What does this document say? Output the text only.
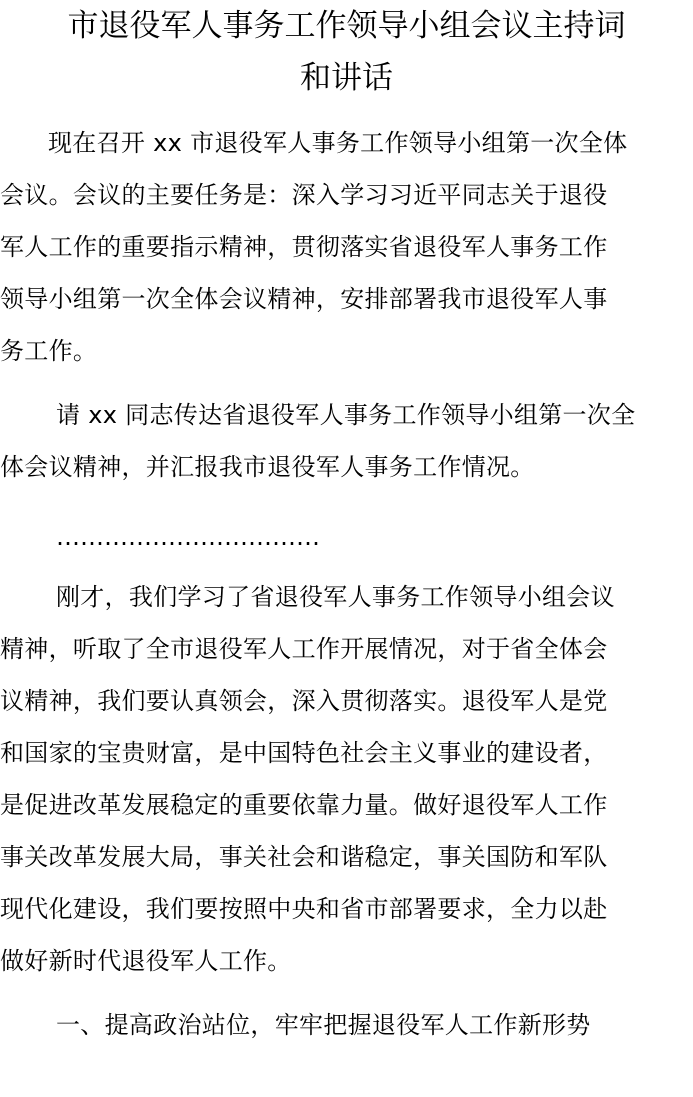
市退役军人事务工作领导小组会议主持词
和讲话
现在召开 xx 市退役军人事务工作领导小组第一次全体
会议。会议的主要任务是：深入学习习近平同志关于退役
军人工作的重要指示精神，贯彻落实省退役军人事务工作
领导小组第一次全体会议精神，安排部署我市退役军人事
务工作。
请 xx 同志传达省退役军人事务工作领导小组第一次全
体会议精神，并汇报我市退役军人事务工作情况。
……………………………
刚才，我们学习了省退役军人事务工作领导小组会议
精神，听取了全市退役军人工作开展情况，对于省全体会
议精神，我们要认真领会，深入贯彻落实。退役军人是党
和国家的宝贵财富，是中国特色社会主义事业的建设者，
是促进改革发展稳定的重要依靠力量。做好退役军人工作
事关改革发展大局，事关社会和谐稳定，事关国防和军队
现代化建设，我们要按照中央和省市部署要求，全力以赴
做好新时代退役军人工作。
一、提高政治站位，牢牢把握退役军人工作新形势
